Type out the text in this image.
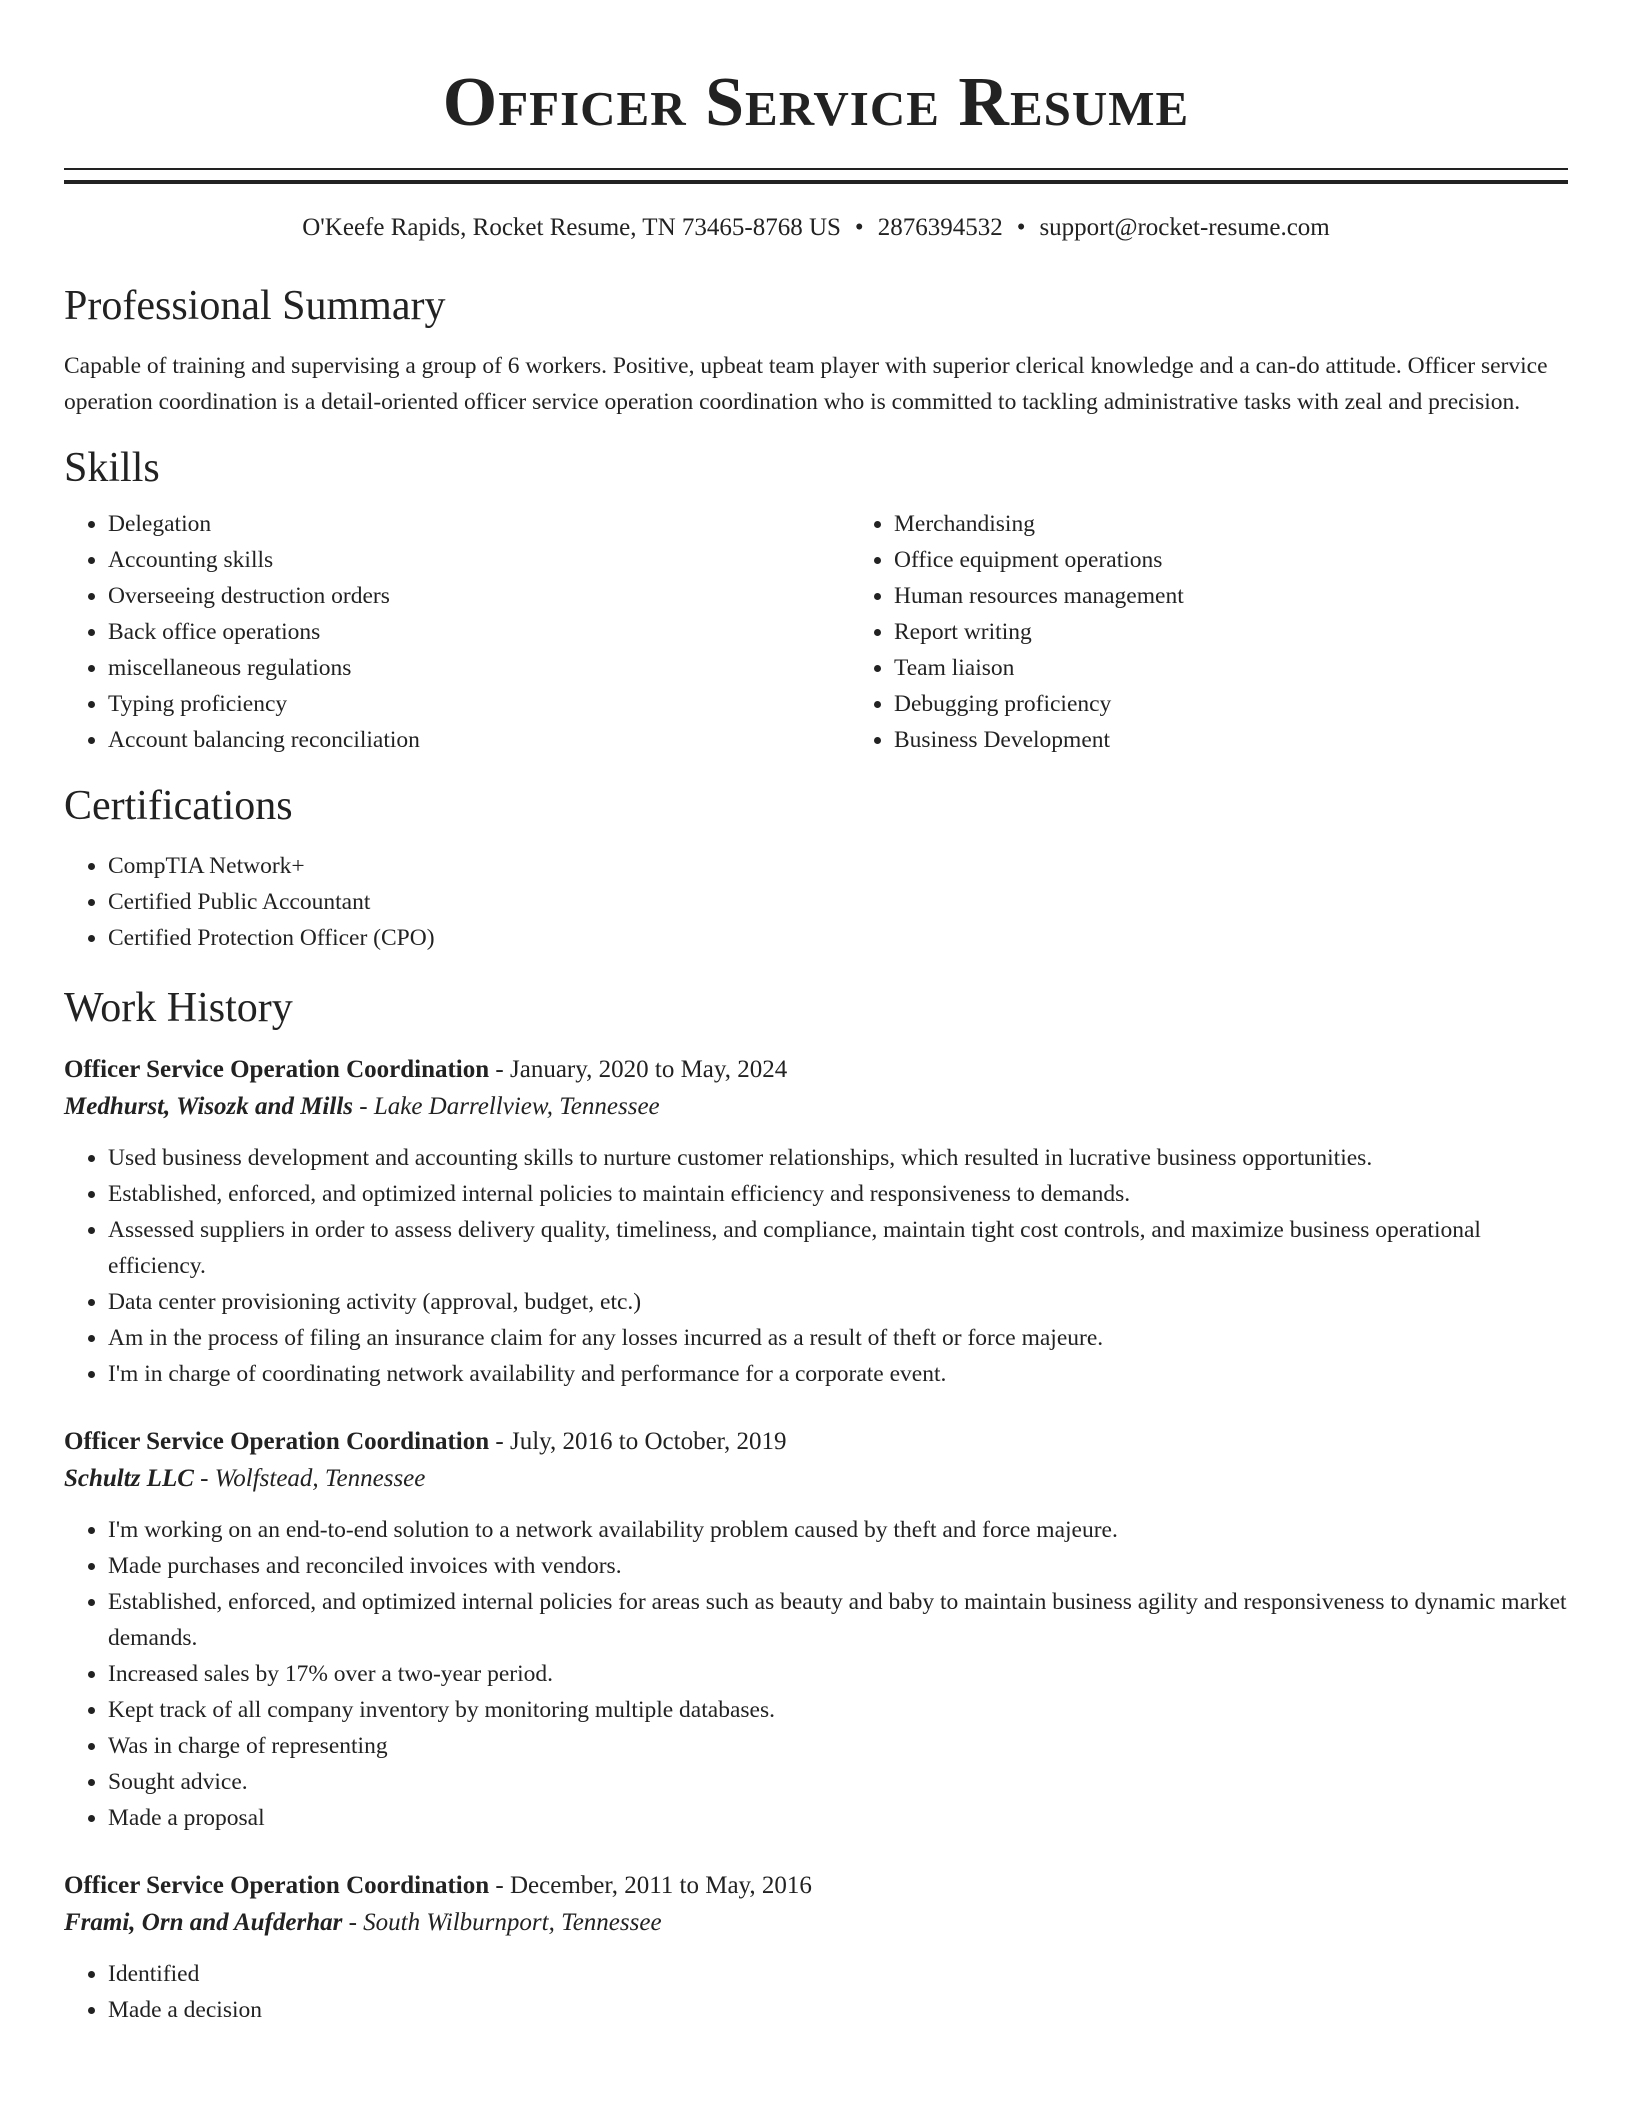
Officer Service Resume
O'Keefe Rapids, Rocket Resume, TN 73465-8768 US • 2876394532 • support@rocket-resume.com
Professional Summary

Capable of training and supervising a group of 6 workers. Positive, upbeat team player with superior clerical knowledge and a can-do attitude. Officer service operation coordination is a detail-oriented officer service operation coordination who is committed to tackling administrative tasks with zeal and precision.

Skills
• Delegation
• Accounting skills
• Overseeing destruction orders
• Back office operations
• miscellaneous regulations
• Typing proficiency
• Account balancing reconciliation
• Merchandising
• Office equipment operations
• Human resources management
• Report writing
• Team liaison
• Debugging proficiency
• Business Development
Certifications
• CompTIA Network+
• Certified Public Accountant
• Certified Protection Officer (CPO)
Work History
Officer Service Operation Coordination - January, 2020 to May, 2024
Medhurst, Wisozk and Mills - Lake Darrellview, Tennessee
• Used business development and accounting skills to nurture customer relationships, which resulted in lucrative business opportunities.
• Established, enforced, and optimized internal policies to maintain efficiency and responsiveness to demands.
• Assessed suppliers in order to assess delivery quality, timeliness, and compliance, maintain tight cost controls, and maximize business operational efficiency.
• Data center provisioning activity (approval, budget, etc.)
• Am in the process of filing an insurance claim for any losses incurred as a result of theft or force majeure.
• I'm in charge of coordinating network availability and performance for a corporate event.
Officer Service Operation Coordination - July, 2016 to October, 2019
Schultz LLC - Wolfstead, Tennessee
• I'm working on an end-to-end solution to a network availability problem caused by theft and force majeure.
• Made purchases and reconciled invoices with vendors.
• Established, enforced, and optimized internal policies for areas such as beauty and baby to maintain business agility and responsiveness to dynamic market demands.
• Increased sales by 17% over a two-year period.
• Kept track of all company inventory by monitoring multiple databases.
• Was in charge of representing
• Sought advice.
• Made a proposal
Officer Service Operation Coordination - December, 2011 to May, 2016
Frami, Orn and Aufderhar - South Wilburnport, Tennessee
• Identified
• Made a decision
